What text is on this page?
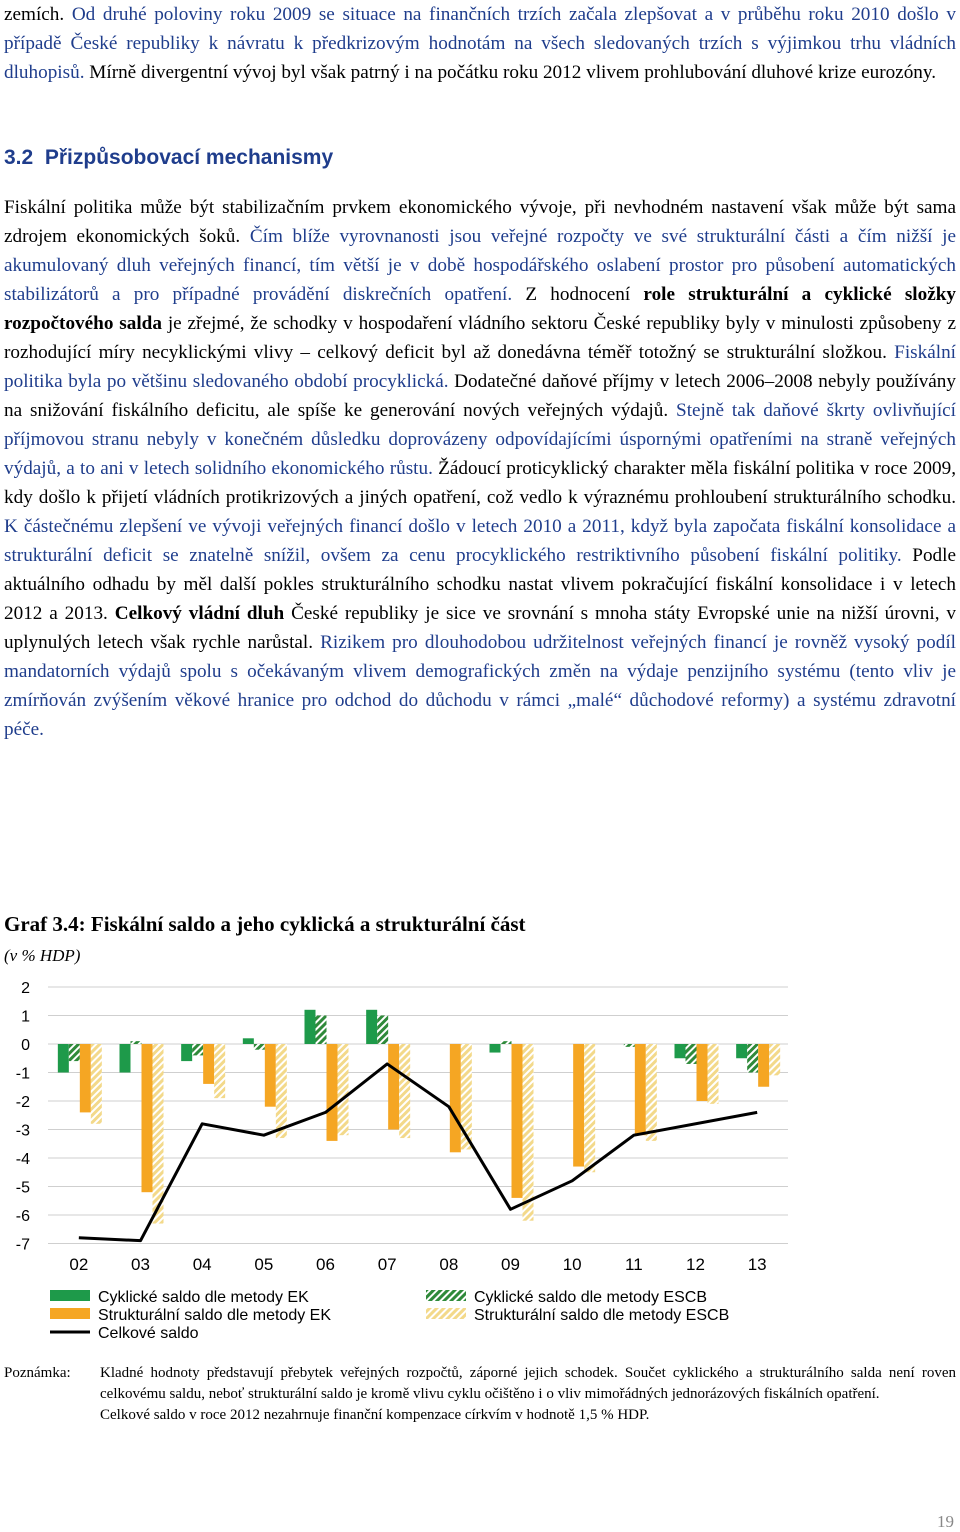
zemích. Od druhé poloviny roku 2009 se situace na finančních trzích začala zlepšovat a v průběhu roku 2010 došlo v případě České republiky k návratu k předkrizovým hodnotám na všech sledovaných trzích s výjimkou trhu vládních dluhopisů. Mírně divergentní vývoj byl však patrný i na počátku roku 2012 vlivem prohlubování dluhové krize eurozóny.

3.2 Přizpůsobovací mechanismy

Fiskální politika může být stabilizačním prvkem ekonomického vývoje, při nevhodném nastavení však může být sama zdrojem ekonomických šoků. Čím blíže vyrovnanosti jsou veřejné rozpočty ve své strukturální části a čím nižší je akumulovaný dluh veřejných financí, tím větší je v době hospodářského oslabení prostor pro působení automatických stabilizátorů a pro případné provádění diskrečních opatření. Z hodnocení role strukturální a cyklické složky rozpočtového salda je zřejmé, že schodky v hospodaření vládního sektoru České republiky byly v minulosti způsobeny z rozhodující míry necyklickými vlivy – celkový deficit byl až donedávna téměř totožný se strukturální složkou. Fiskální politika byla po většinu sledovaného období procyklická. Dodatečné daňové příjmy v letech 2006–2008 nebyly používány na snižování fiskálního deficitu, ale spíše ke generování nových veřejných výdajů. Stejně tak daňové škrty ovlivňující příjmovou stranu nebyly v konečném důsledku doprovázeny odpovídajícími úspornými opatřeními na straně veřejných výdajů, a to ani v letech solidního ekonomického růstu. Žádoucí proticyklický charakter měla fiskální politika v roce 2009, kdy došlo k přijetí vládních protikrizových a jiných opatření, což vedlo k výraznému prohloubení strukturálního schodku. K částečnému zlepšení ve vývoji veřejných financí došlo v letech 2010 a 2011, když byla započata fiskální konsolidace a strukturální deficit se znatelně snížil, ovšem za cenu procyklického restriktivního působení fiskální politiky. Podle aktuálního odhadu by měl další pokles strukturálního schodku nastat vlivem pokračující fiskální konsolidace i v letech 2012 a 2013. Celkový vládní dluh České republiky je sice ve srovnání s mnoha státy Evropské unie na nižší úrovni, v uplynulých letech však rychle narůstal. Rizikem pro dlouhodobou udržitelnost veřejných financí je rovněž vysoký podíl mandatorních výdajů spolu s očekávaným vlivem demografických změn na výdaje penzijního systému (tento vliv je zmírňován zvýšením věkové hranice pro odchod do důchodu v rámci „malé“ důchodové reformy) a systému zdravotní péče.

Graf 3.4: Fiskální saldo a jeho cyklická a strukturální část
(v % HDP)
2
1
0
-1
-2
-3
-4
-5
-6
-7
02	03	04	05	06	07	08	09	10	11	12	13
Cyklické saldo dle metody EK
Strukturální saldo dle metody EK
Celkové saldo
Cyklické saldo dle metody ESCB
Strukturální saldo dle metody ESCB
Poznámka: Kladné hodnoty představují přebytek veřejných rozpočtů, záporné jejich schodek. Součet cyklického a strukturálního salda není roven celkovému saldu, neboť strukturální saldo je kromě vlivu cyklu očištěno i o vliv mimořádných jednorázových fiskálních opatření.
Celkové saldo v roce 2012 nezahrnuje finanční kompenzace církvím v hodnotě 1,5 % HDP.
19
